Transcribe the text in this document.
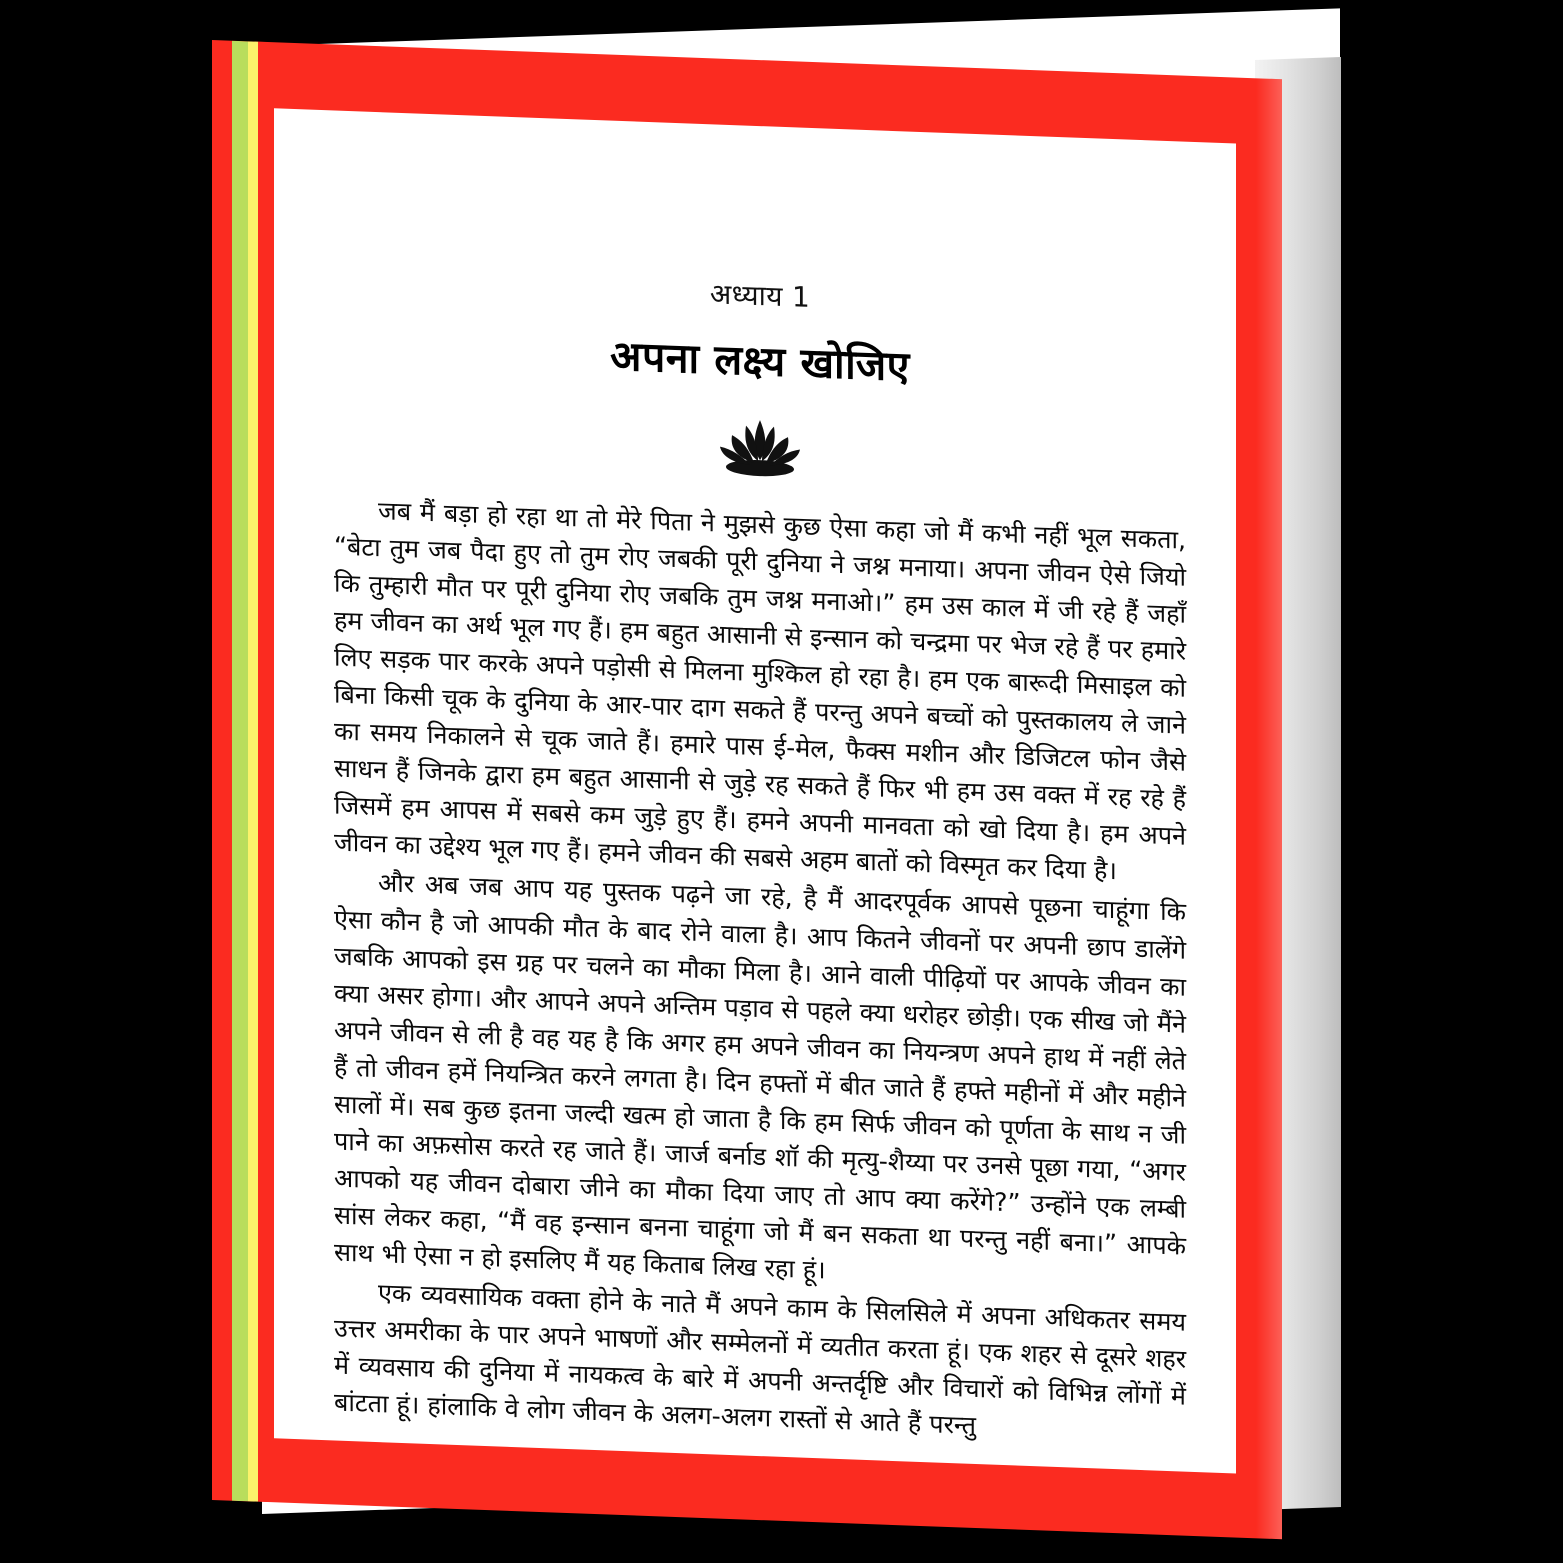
अध्याय 1
अपना लक्ष्य खोजिए

जब मैं बड़ा हो रहा था तो मेरे पिता ने मुझसे कुछ ऐसा कहा जो मैं कभी नहीं भूल सकता, “बेटा तुम जब पैदा हुए तो तुम रोए जबकी पूरी दुनिया ने जश्न मनाया। अपना जीवन ऐसे जियो कि तुम्हारी मौत पर पूरी दुनिया रोए जबकि तुम जश्न मनाओ।” हम उस काल में जी रहे हैं जहाँ हम जीवन का अर्थ भूल गए हैं। हम बहुत आसानी से इन्सान को चन्द्रमा पर भेज रहे हैं पर हमारे लिए सड़क पार करके अपने पड़ोसी से मिलना मुश्किल हो रहा है। हम एक बारूदी मिसाइल को बिना किसी चूक के दुनिया के आर-पार दाग सकते हैं परन्तु अपने बच्चों को पुस्तकालय ले जाने का समय निकालने से चूक जाते हैं। हमारे पास ई-मेल, फैक्स मशीन और डिजिटल फोन जैसे साधन हैं जिनके द्वारा हम बहुत आसानी से जुड़े रह सकते हैं फिर भी हम उस वक्त में रह रहे हैं जिसमें हम आपस में सबसे कम जुड़े हुए हैं। हमने अपनी मानवता को खो दिया है। हम अपने जीवन का उद्देश्य भूल गए हैं। हमने जीवन की सबसे अहम बातों को विस्मृत कर दिया है।

और अब जब आप यह पुस्तक पढ़ने जा रहे, है मैं आदरपूर्वक आपसे पूछना चाहूंगा कि ऐसा कौन है जो आपकी मौत के बाद रोने वाला है। आप कितने जीवनों पर अपनी छाप डालेंगे जबकि आपको इस ग्रह पर चलने का मौका मिला है। आने वाली पीढ़ियों पर आपके जीवन का क्या असर होगा। और आपने अपने अन्तिम पड़ाव से पहले क्या धरोहर छोड़ी। एक सीख जो मैंने अपने जीवन से ली है वह यह है कि अगर हम अपने जीवन का नियन्त्रण अपने हाथ में नहीं लेते हैं तो जीवन हमें नियन्त्रित करने लगता है। दिन हफ्तों में बीत जाते हैं हफ्ते महीनों में और महीने सालों में। सब कुछ इतना जल्दी खत्म हो जाता है कि हम सिर्फ जीवन को पूर्णता के साथ न जी पाने का अफ़सोस करते रह जाते हैं। जार्ज बर्नाड शॉ की मृत्यु-शैय्या पर उनसे पूछा गया, “अगर आपको यह जीवन दोबारा जीने का मौका दिया जाए तो आप क्या करेंगे?” उन्होंने एक लम्बी सांस लेकर कहा, “मैं वह इन्सान बनना चाहूंगा जो मैं बन सकता था परन्तु नहीं बना।” आपके साथ भी ऐसा न हो इसलिए मैं यह किताब लिख रहा हूं।

एक व्यवसायिक वक्ता होने के नाते मैं अपने काम के सिलसिले में अपना अधिकतर समय उत्तर अमरीका के पार अपने भाषणों और सम्मेलनों में व्यतीत करता हूं। एक शहर से दूसरे शहर में व्यवसाय की दुनिया में नायकत्व के बारे में अपनी अन्तर्दृष्टि और विचारों को विभिन्न लोंगों में बांटता हूं। हांलाकि वे लोग जीवन के अलग-अलग रास्तों से आते हैं परन्तु
